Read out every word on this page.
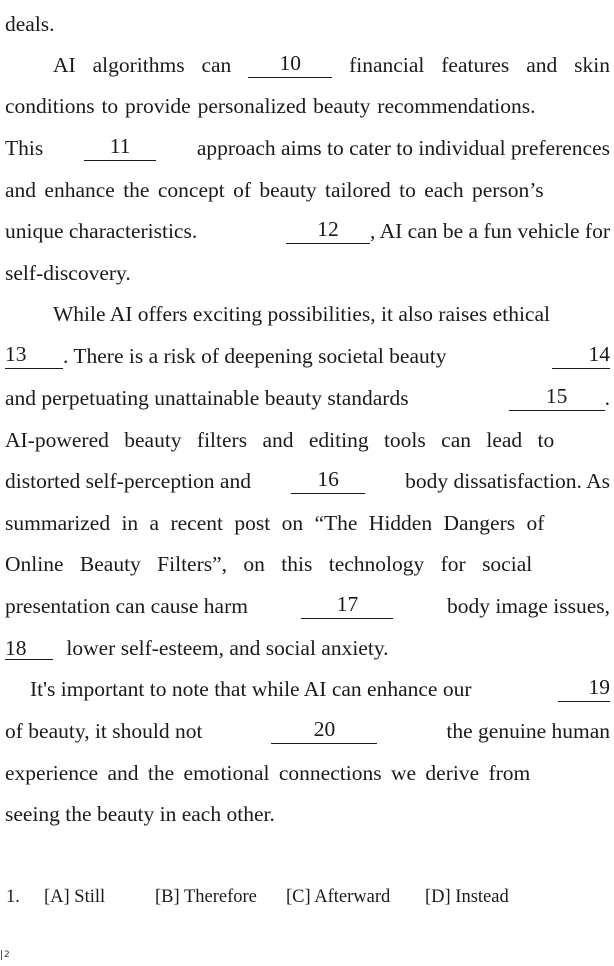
deals.
AI algorithms can	10	financial features and skin
conditions to provide personalized beauty recommendations.
This	11	approach aims to cater to individual preferences
and enhance the concept of beauty tailored to each person’s
unique characteristics.	12	, AI can be a fun vehicle for
self-discovery.
While AI offers exciting possibilities, it also raises ethical
13	. There is a risk of deepening societal beauty	14
and perpetuating unattainable beauty standards	15	.
AI-powered beauty filters and editing tools can lead to
distorted self-perception and	16	body dissatisfaction. As
summarized in a recent post on “The Hidden Dangers of
Online Beauty Filters”, on this technology for social
presentation can cause harm	17	body image issues,
18 lower self-esteem, and social anxiety.
It's important to note that while AI can enhance our	19
of beauty, it should not	20	the genuine human
experience and the emotional connections we derive from
seeing the beauty in each other.
1. [A] Still	[B] Therefore [C] Afterward [D] Instead
2
